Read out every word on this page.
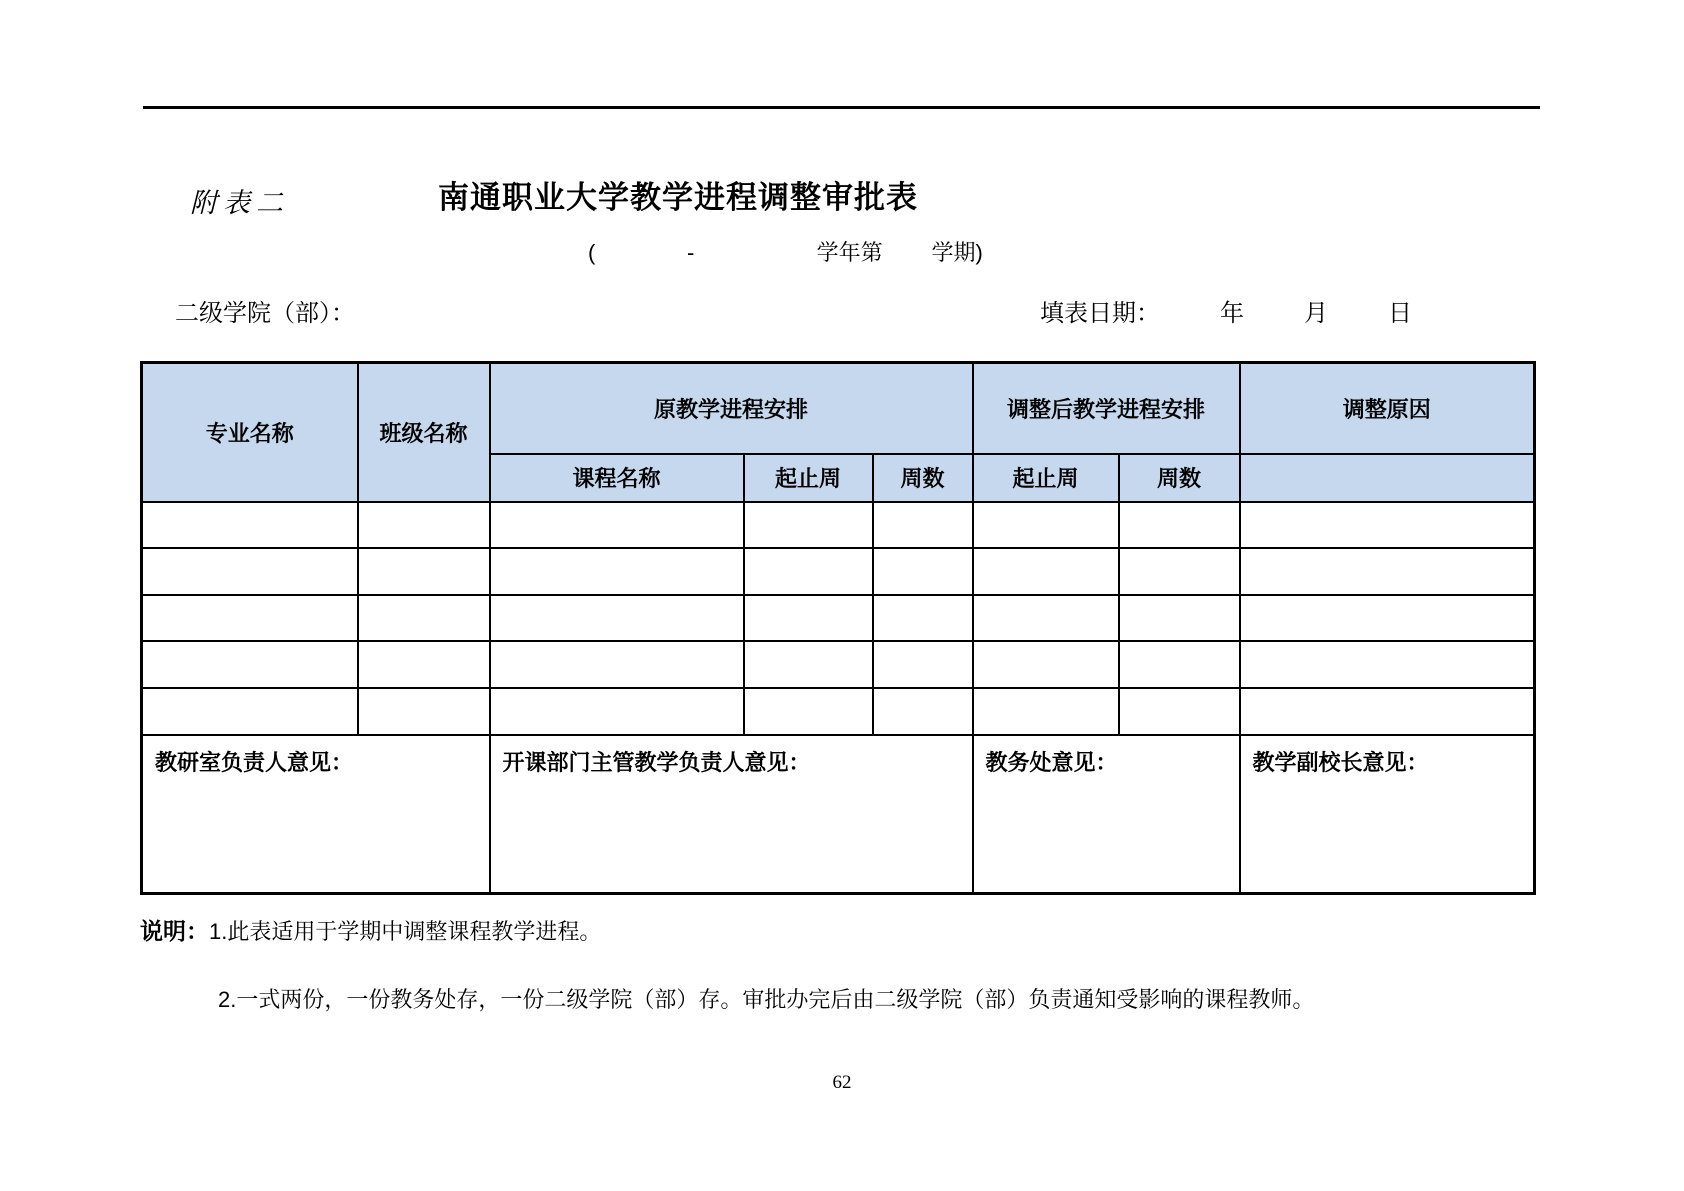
附表二	南通职业大学教学进程调整审批表
(               -                    学年第        学期)
二级学院（部）：	填表日期：         年         月         日
专业名称	班级名称	原教学进程安排			调整后教学进程安排		调整原因
		课程名称	起止周	周数	起止周	周数	

教研室负责人意见：		开课部门主管教学负责人意见：			教务处意见：		教学副校长意见：
说明：1.此表适用于学期中调整课程教学进程。
2.一式两份，一份教务处存，一份二级学院（部）存。审批办完后由二级学院（部）负责通知受影响的课程教师。
62
